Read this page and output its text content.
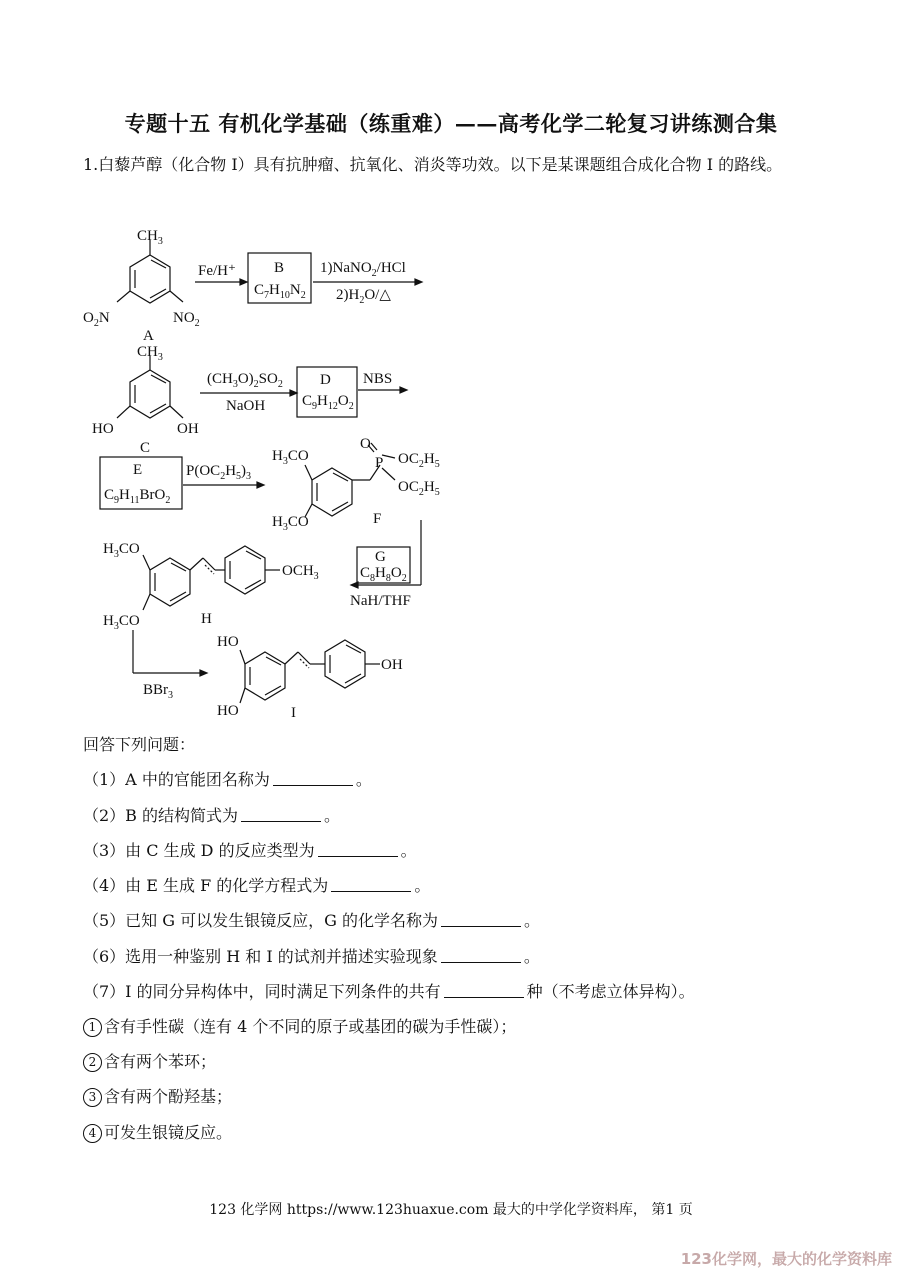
专题十五 有机化学基础（练重难）——高考化学二轮复习讲练测合集
1.白藜芦醇（化合物 I）具有抗肿瘤、抗氧化、消炎等功效。以下是某课题组合成化合物 I 的路线。
$CH_3$
$O_2N$	$NO_2$
A
Fe/H⁺	B
$C_7H_{10}N_2$
1)NaNO$_2$/HCl
$2)H_2O/\triangle$
$CH_3$
HO	OH
C
$(CH_3O)_2SO_2$
NaOH
D
$C_9H_{12}O_2$
NBS
E
$C_9H_{11}BrO_2$
$P(OC_2H_5)_3$
$H_3CO$
$H_3CO$
O
P $OC_2H_5$
$OC_2H_5$
F
G
$C_8H_8O_2$
NaH/THF
$H_3CO$
$H_3CO$
$OCH_3$
H
BBr$_3$
HO
HO
OH
I
回答下列问题：
（1）A 中的官能团名称为	。
（2）B 的结构简式为	。
（3）由 C 生成 D 的反应类型为	。
（4）由 E 生成 F 的化学方程式为	。
（5）已知 G 可以发生银镜反应，G 的化学名称为	。
（6）选用一种鉴别 H 和 I 的试剂并描述实验现象	。
（7）I 的同分异构体中，同时满足下列条件的共有	种（不考虑立体异构）。
1 含有手性碳（连有 4 个不同的原子或基团的碳为手性碳）；
2 含有两个苯环；
3 含有两个酚羟基；
4 可发生银镜反应。
123 化学网 https://www.123huaxue.com 最大的中学化学资料库， 第1 页
123化学网，最大的化学资料库
